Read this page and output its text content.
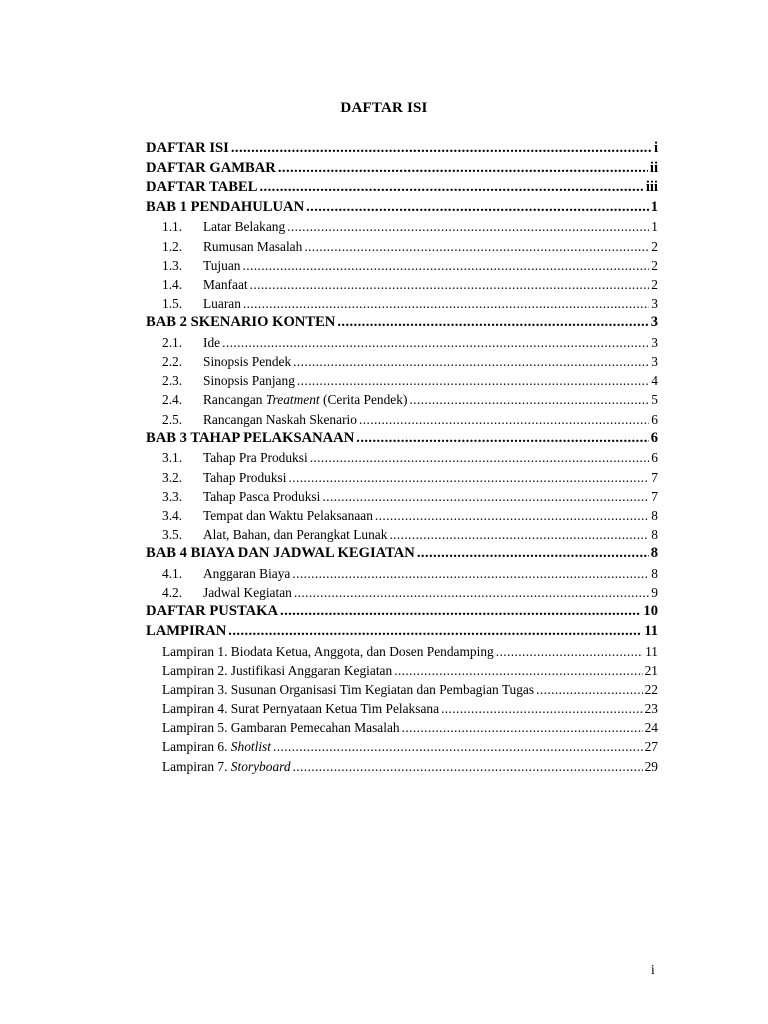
DAFTAR ISI
DAFTAR ISI .....	i
DAFTAR GAMBAR .....	ii
DAFTAR TABEL .....	iii
BAB 1 PENDAHULUAN .....	1
1.1.	Latar Belakang .....	1
1.2.	Rumusan Masalah .....	2
1.3.	Tujuan .....	2
1.4.	Manfaat .....	2
1.5.	Luaran .....	3
BAB 2 SKENARIO KONTEN .....	3
2.1.	Ide .....	3
2.2.	Sinopsis Pendek .....	3
2.3.	Sinopsis Panjang .....	4
2.4.	Rancangan Treatment (Cerita Pendek) .....	5
2.5.	Rancangan Naskah Skenario .....	6
BAB 3 TAHAP PELAKSANAAN .....	6
3.1.	Tahap Pra Produksi .....	6
3.2.	Tahap Produksi .....	7
3.3.	Tahap Pasca Produksi .....	7
3.4.	Tempat dan Waktu Pelaksanaan .....	8
3.5.	Alat, Bahan, dan Perangkat Lunak .....	8
BAB 4 BIAYA DAN JADWAL KEGIATAN .....	8
4.1.	Anggaran Biaya .....	8
4.2.	Jadwal Kegiatan .....	9
DAFTAR PUSTAKA .....	10
LAMPIRAN .....	11
Lampiran 1. Biodata Ketua, Anggota, dan Dosen Pendamping .....	11
Lampiran 2. Justifikasi Anggaran Kegiatan .....	21
Lampiran 3. Susunan Organisasi Tim Kegiatan dan Pembagian Tugas .....	22
Lampiran 4. Surat Pernyataan Ketua Tim Pelaksana .....	23
Lampiran 5. Gambaran Pemecahan Masalah .....	24
Lampiran 6. Shotlist .....	27
Lampiran 7. Storyboard .....	29
i
